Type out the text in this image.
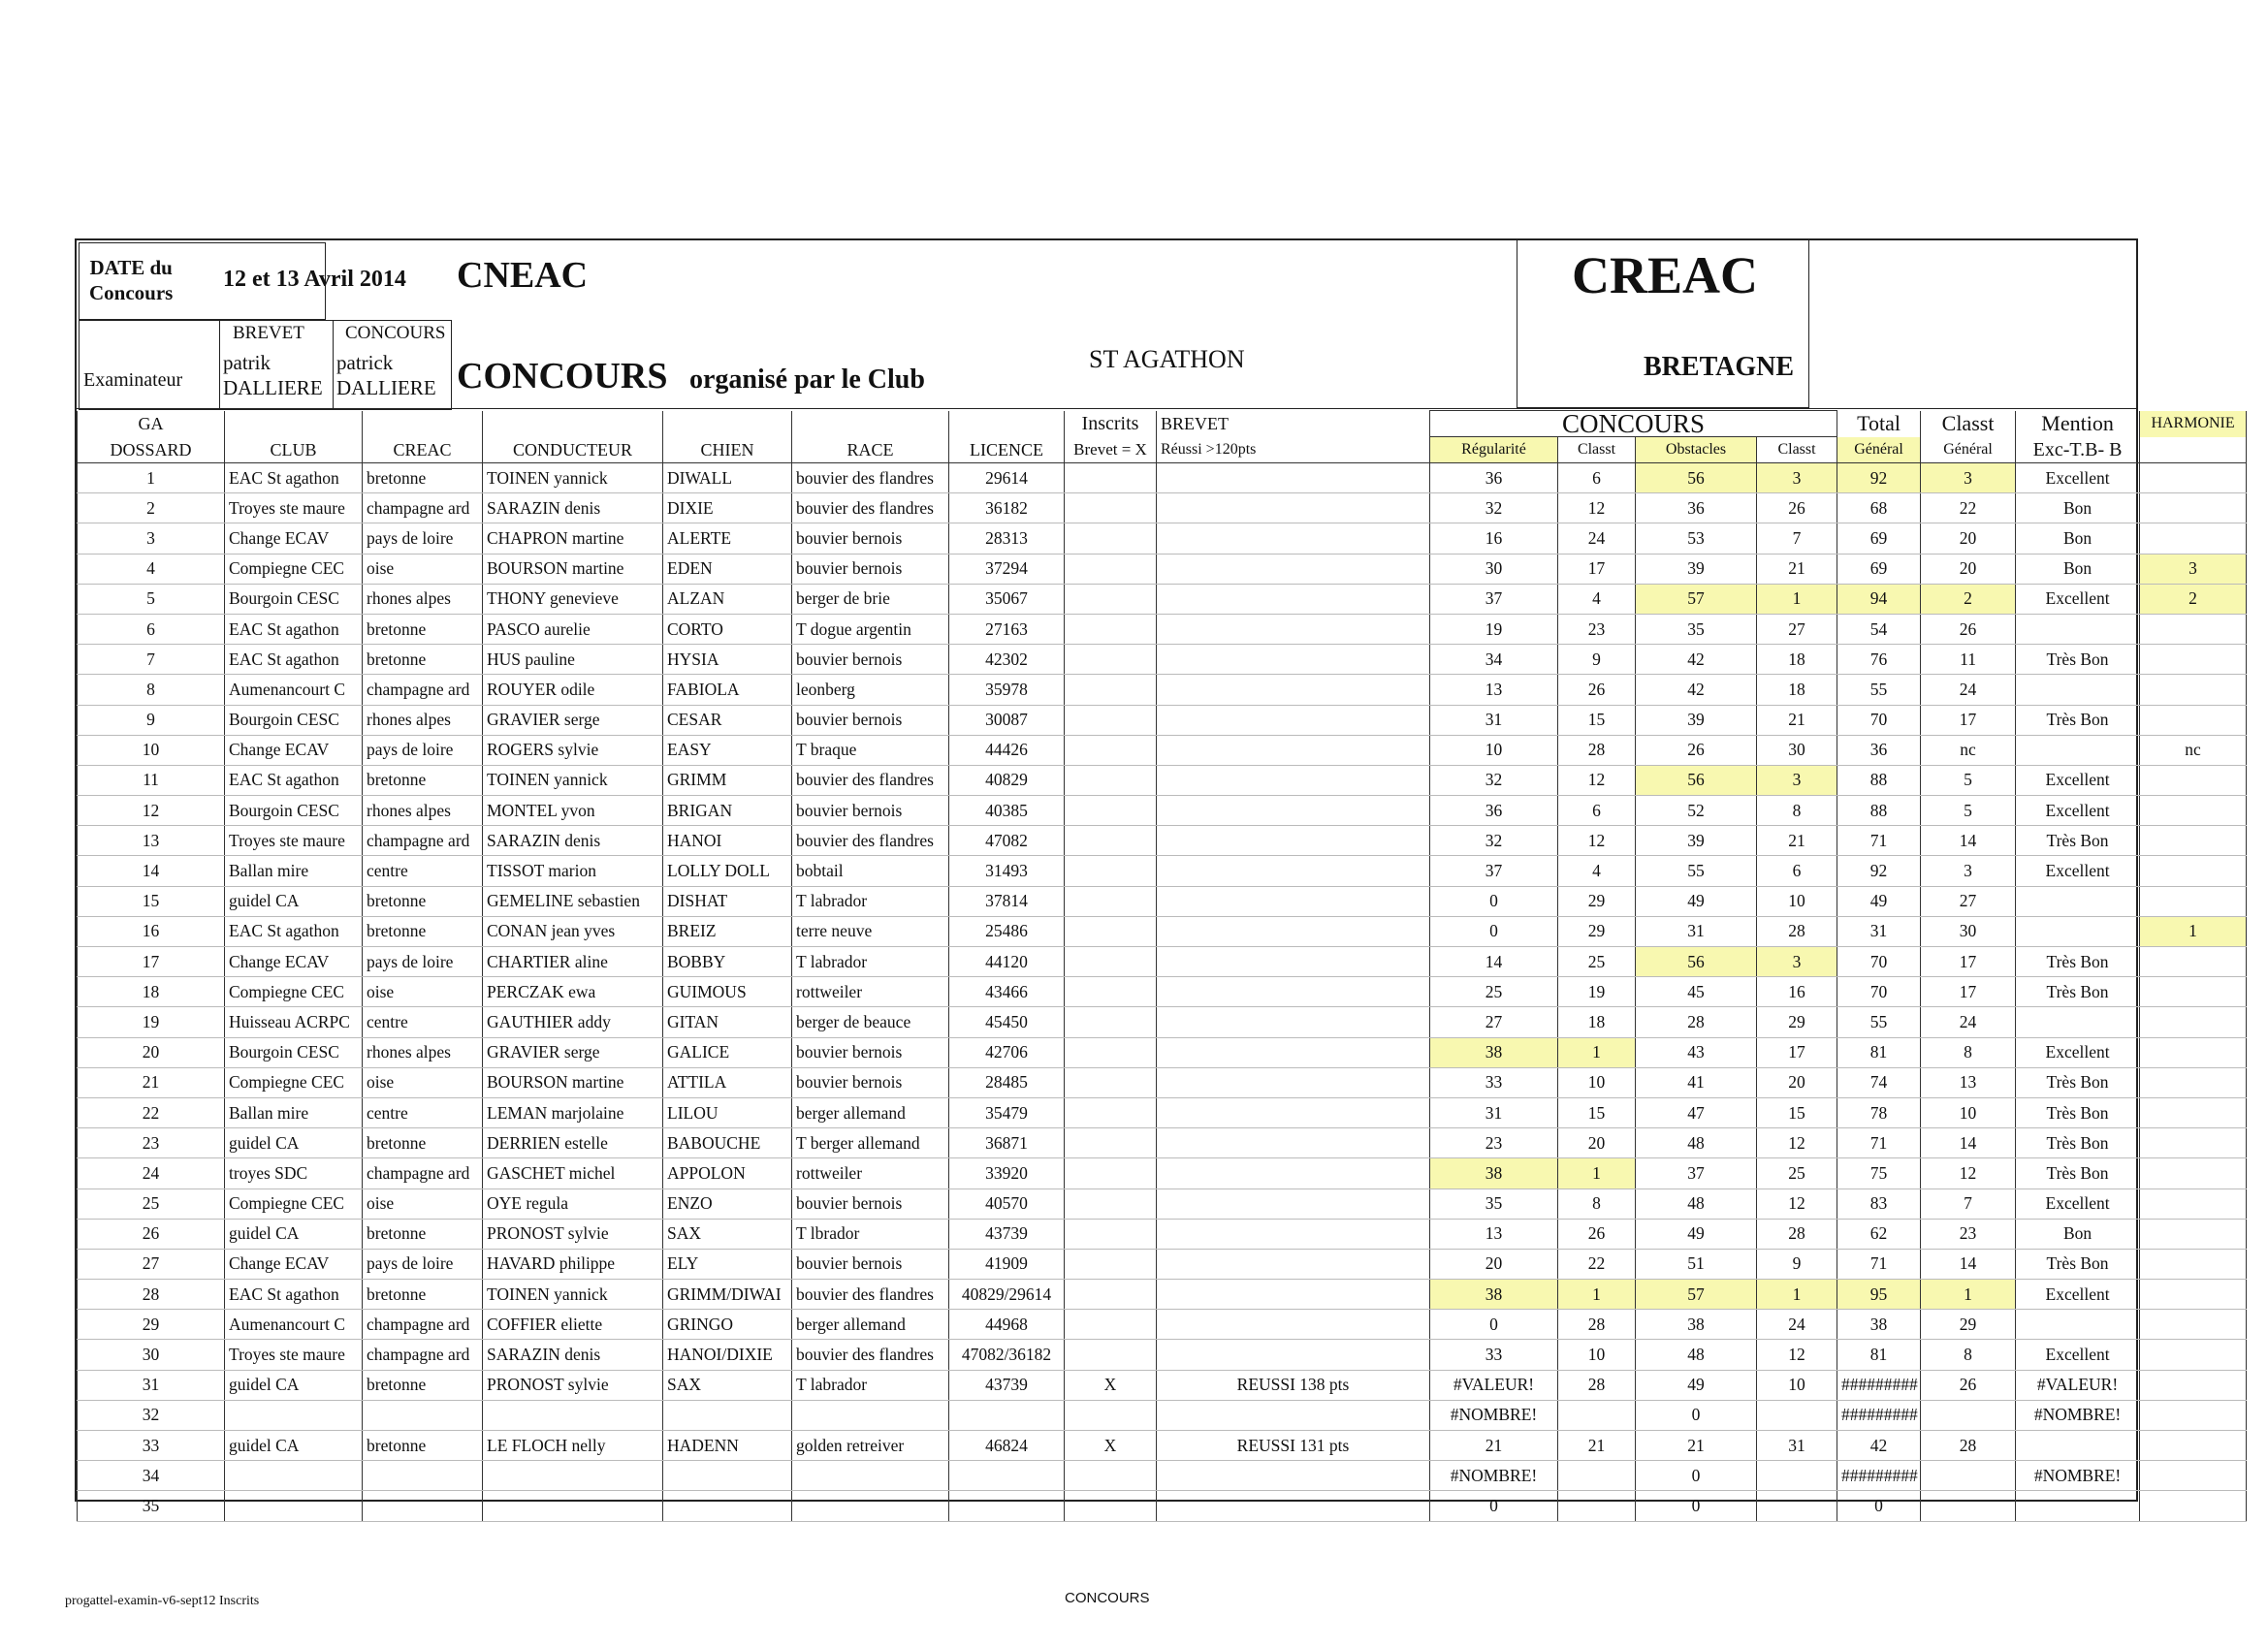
DATE du
Concours
12 et 13 Avril 2014 CNEAC
BREVET CONCOURS
Examinateur
patrik
DALLIERE
patrick
DALLIERE CONCOURS organisé par le Club
ST AGATHON
CREAC
BRETAGNE
GA							Inscrits	BREVET	CONCOURS				Total	Classt	Mention	HARMONIE
DOSSARD	CLUB	CREAC	CONDUCTEUR	CHIEN	RACE	LICENCE	Brevet = X	Réussi >120pts	Régularité	Classt	Obstacles	Classt	Général	Général	Exc-T.B- B	
1	EAC St agathon	bretonne	TOINEN yannick	DIWALL	bouvier des flandres	29614			36	6	56	3	92	3	Excellent	
2	Troyes ste maure	champagne ard	SARAZIN denis	DIXIE	bouvier des flandres	36182			32	12	36	26	68	22	Bon	
3	Change ECAV	pays de loire	CHAPRON martine	ALERTE	bouvier bernois	28313			16	24	53	7	69	20	Bon	
4	Compiegne CEC	oise	BOURSON martine	EDEN	bouvier bernois	37294			30	17	39	21	69	20	Bon	3
5	Bourgoin CESC	rhones alpes	THONY genevieve	ALZAN	berger de brie	35067			37	4	57	1	94	2	Excellent	2
6	EAC St agathon	bretonne	PASCO aurelie	CORTO	T dogue argentin	27163			19	23	35	27	54	26		
7	EAC St agathon	bretonne	HUS pauline	HYSIA	bouvier bernois	42302			34	9	42	18	76	11	Très Bon	
8	Aumenancourt C	champagne ard	ROUYER odile	FABIOLA	leonberg	35978			13	26	42	18	55	24		
9	Bourgoin CESC	rhones alpes	GRAVIER serge	CESAR	bouvier bernois	30087			31	15	39	21	70	17	Très Bon	
10	Change ECAV	pays de loire	ROGERS sylvie	EASY	T braque	44426			10	28	26	30	36	nc		nc
11	EAC St agathon	bretonne	TOINEN yannick	GRIMM	bouvier des flandres	40829			32	12	56	3	88	5	Excellent	
12	Bourgoin CESC	rhones alpes	MONTEL yvon	BRIGAN	bouvier bernois	40385			36	6	52	8	88	5	Excellent	
13	Troyes ste maure	champagne ard	SARAZIN denis	HANOI	bouvier des flandres	47082			32	12	39	21	71	14	Très Bon	
14	Ballan mire	centre	TISSOT marion	LOLLY DOLL	bobtail	31493			37	4	55	6	92	3	Excellent	
15	guidel CA	bretonne	GEMELINE sebastien	DISHAT	T labrador	37814			0	29	49	10	49	27		
16	EAC St agathon	bretonne	CONAN jean yves	BREIZ	terre neuve	25486			0	29	31	28	31	30		1
17	Change ECAV	pays de loire	CHARTIER aline	BOBBY	T labrador	44120			14	25	56	3	70	17	Très Bon	
18	Compiegne CEC	oise	PERCZAK ewa	GUIMOUS	rottweiler	43466			25	19	45	16	70	17	Très Bon	
19	Huisseau ACRPC	centre	GAUTHIER addy	GITAN	berger de beauce	45450			27	18	28	29	55	24		
20	Bourgoin CESC	rhones alpes	GRAVIER serge	GALICE	bouvier bernois	42706			38	1	43	17	81	8	Excellent	
21	Compiegne CEC	oise	BOURSON martine	ATTILA	bouvier bernois	28485			33	10	41	20	74	13	Très Bon	
22	Ballan mire	centre	LEMAN marjolaine	LILOU	berger allemand	35479			31	15	47	15	78	10	Très Bon	
23	guidel CA	bretonne	DERRIEN estelle	BABOUCHE	T berger allemand	36871			23	20	48	12	71	14	Très Bon	
24	troyes SDC	champagne ard	GASCHET michel	APPOLON	rottweiler	33920			38	1	37	25	75	12	Très Bon	
25	Compiegne CEC	oise	OYE regula	ENZO	bouvier bernois	40570			35	8	48	12	83	7	Excellent	
26	guidel CA	bretonne	PRONOST sylvie	SAX	T lbrador	43739			13	26	49	28	62	23	Bon	
27	Change ECAV	pays de loire	HAVARD philippe	ELY	bouvier bernois	41909			20	22	51	9	71	14	Très Bon	
28	EAC St agathon	bretonne	TOINEN yannick	GRIMM/DIWAI	bouvier des flandres	40829/29614			38	1	57	1	95	1	Excellent	
29	Aumenancourt C	champagne ard	COFFIER eliette	GRINGO	berger allemand	44968			0	28	38	24	38	29		
30	Troyes ste maure	champagne ard	SARAZIN denis	HANOI/DIXIE	bouvier des flandres	47082/36182			33	10	48	12	81	8	Excellent	
31	guidel CA	bretonne	PRONOST sylvie	SAX	T labrador	43739	X	REUSSI 138 pts	#VALEUR!	28	49	10	#########	26	#VALEUR!	
32									#NOMBRE!		0		#########		#NOMBRE!	
33	guidel CA	bretonne	LE FLOCH nelly	HADENN	golden retreiver	46824	X	REUSSI 131 pts	21	21	21	31	42	28		
34									#NOMBRE!		0		#########		#NOMBRE!	
35									0		0		0			
progattel-examin-v6-sept12 Inscrits	CONCOURS
